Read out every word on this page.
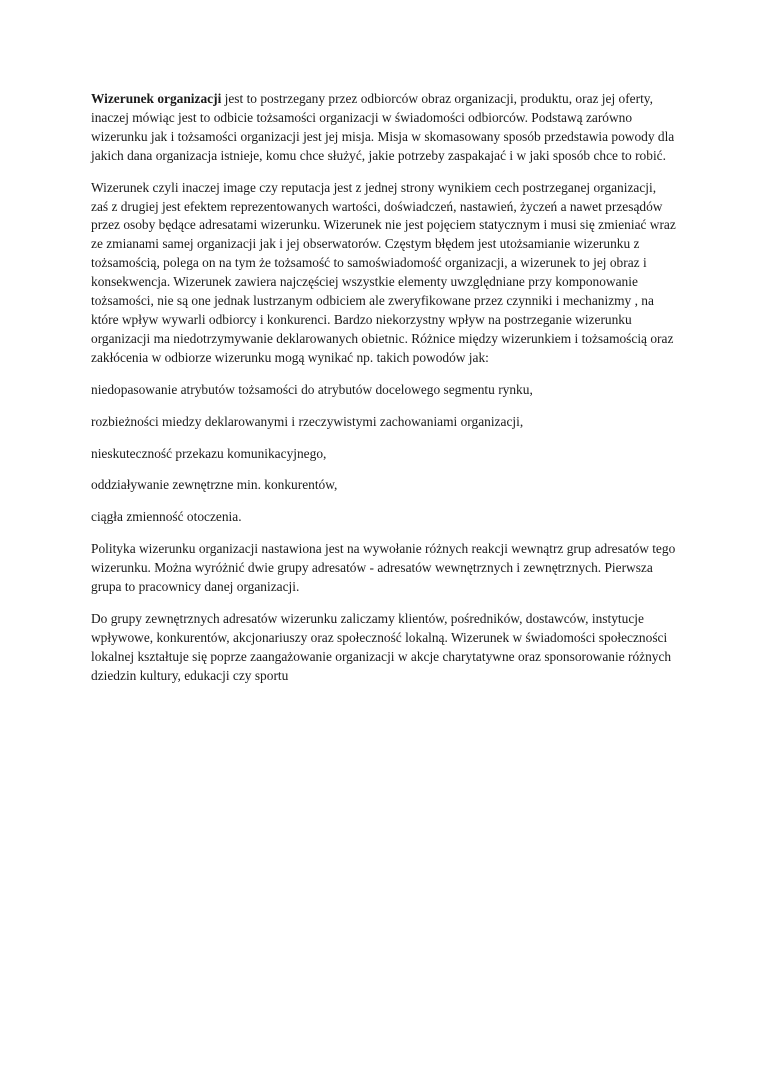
Wizerunek organizacji jest to postrzegany przez odbiorców obraz organizacji, produktu, oraz jej oferty, inaczej mówiąc jest to odbicie tożsamości organizacji w świadomości odbiorców. Podstawą zarówno wizerunku jak i tożsamości organizacji jest jej misja. Misja w skomasowany sposób przedstawia powody dla jakich dana organizacja istnieje, komu chce służyć, jakie potrzeby zaspakajać i w jaki sposób chce to robić.

Wizerunek czyli inaczej image czy reputacja jest z jednej strony wynikiem cech postrzeganej organizacji, zaś z drugiej jest efektem reprezentowanych wartości, doświadczeń, nastawień, życzeń a nawet przesądów przez osoby będące adresatami wizerunku. Wizerunek nie jest pojęciem statycznym i musi się zmieniać wraz ze zmianami samej organizacji jak i jej obserwatorów. Częstym błędem jest utożsamianie wizerunku z tożsamością, polega on na tym że tożsamość to samoświadomość organizacji, a wizerunek to jej obraz i konsekwencja. Wizerunek zawiera najczęściej wszystkie elementy uwzględniane przy komponowanie tożsamości, nie są one jednak lustrzanym odbiciem ale zweryfikowane przez czynniki i mechanizmy , na które wpływ wywarli odbiorcy i konkurenci. Bardzo niekorzystny wpływ na postrzeganie wizerunku organizacji ma niedotrzymywanie deklarowanych obietnic. Różnice między wizerunkiem i tożsamością oraz zakłócenia w odbiorze wizerunku mogą wynikać np. takich powodów jak:

niedopasowanie atrybutów tożsamości do atrybutów docelowego segmentu rynku,

rozbieżności miedzy deklarowanymi i rzeczywistymi zachowaniami organizacji,

nieskuteczność przekazu komunikacyjnego,

oddziaływanie zewnętrzne min. konkurentów,

ciągła zmienność otoczenia.

Polityka wizerunku organizacji nastawiona jest na wywołanie różnych reakcji wewnątrz grup adresatów tego wizerunku. Można wyróżnić dwie grupy adresatów - adresatów wewnętrznych i zewnętrznych. Pierwsza grupa to pracownicy danej organizacji.

Do grupy zewnętrznych adresatów wizerunku zaliczamy klientów, pośredników, dostawców, instytucje wpływowe, konkurentów, akcjonariuszy oraz społeczność lokalną. Wizerunek w świadomości społeczności lokalnej kształtuje się poprze zaangażowanie organizacji w akcje charytatywne oraz sponsorowanie różnych dziedzin kultury, edukacji czy sportu
